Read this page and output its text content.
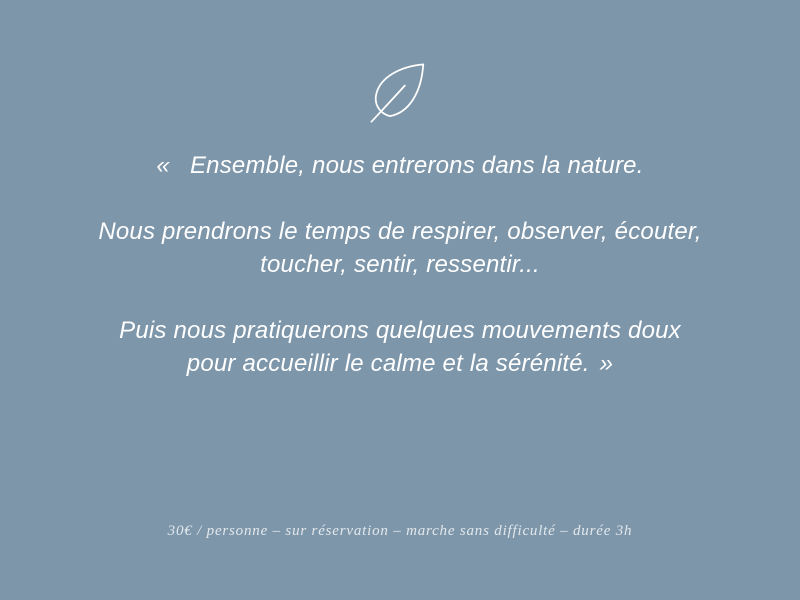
« Ensemble, nous entrerons dans la nature.

Nous prendrons le temps de respirer, observer, écouter,
toucher, sentir, ressentir...

Puis nous pratiquerons quelques mouvements doux
pour accueillir le calme et la sérénité. »

30€ / personne – sur réservation – marche sans difficulté – durée 3h
